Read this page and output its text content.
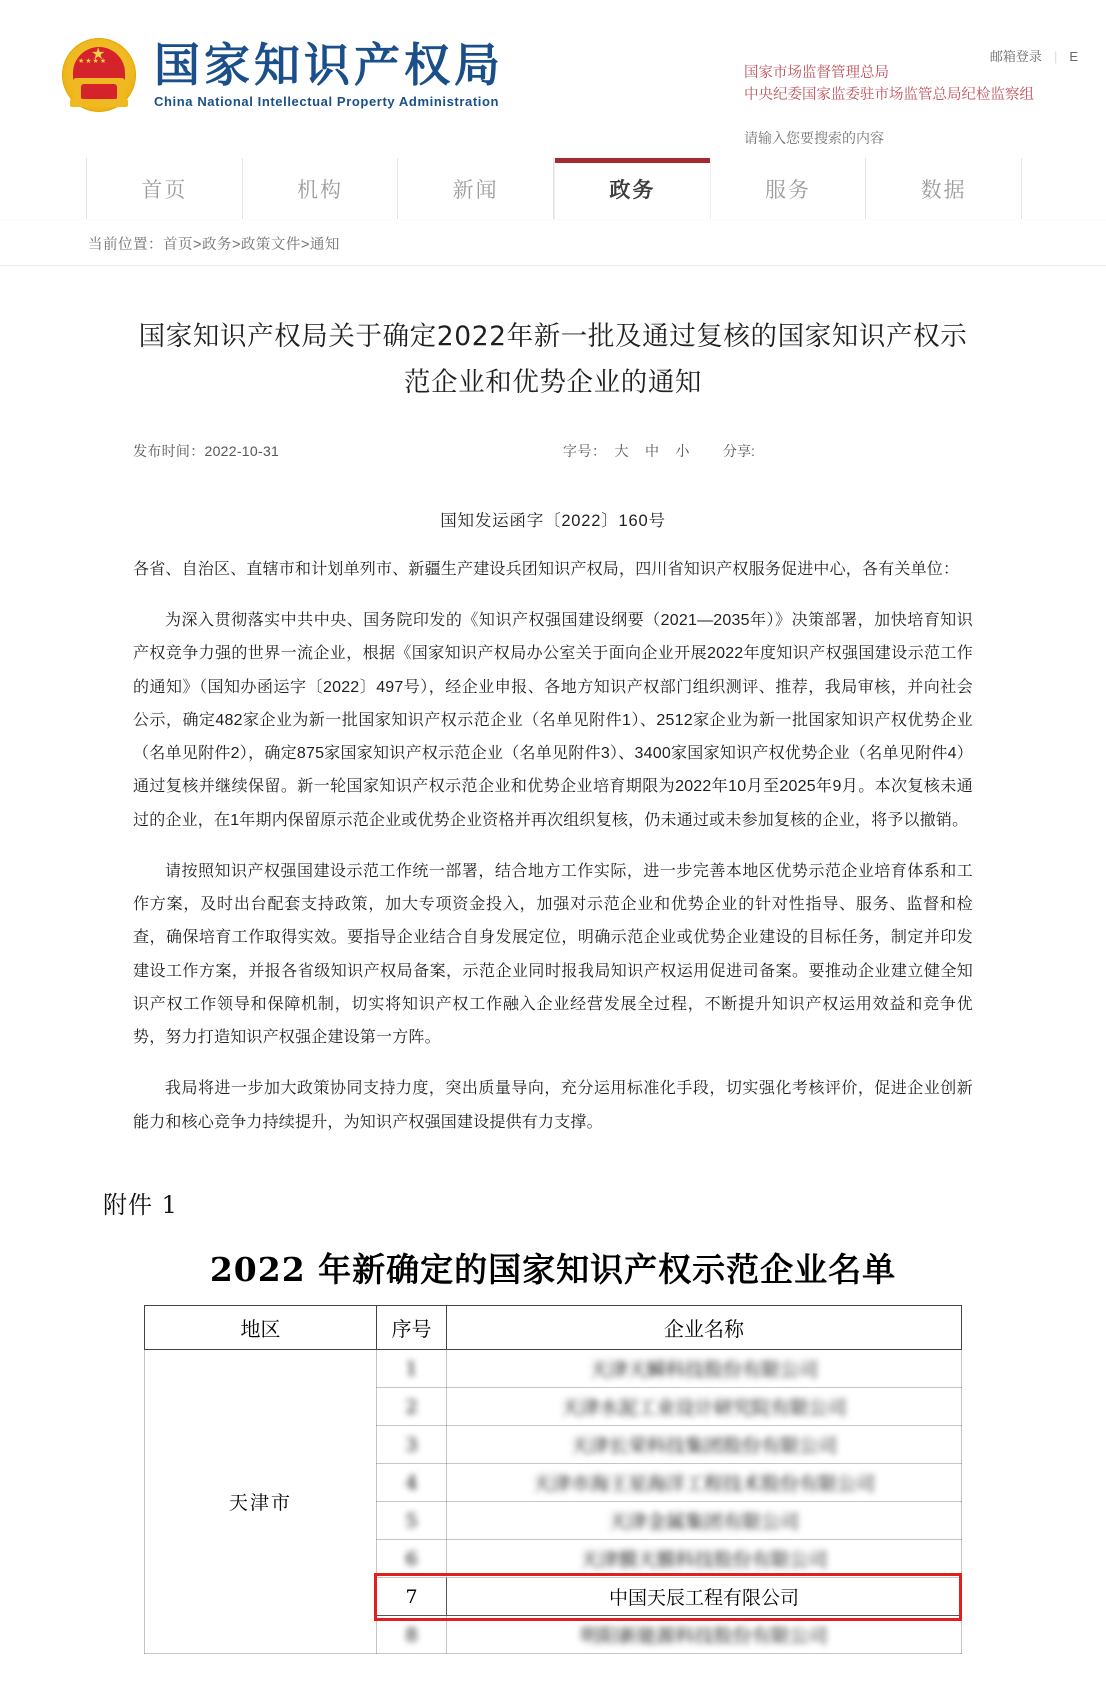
★★★★ 国家知识产权局
China National Intellectual Property Administration
邮箱登录 | E
国家市场监督管理总局
中央纪委国家监委驻市场监管总局纪检监察组
请输入您要搜索的内容
首页	机构	新闻	政务	服务	数据
当前位置：首页>政务>政策文件>通知
国家知识产权局关于确定2022年新一批及通过复核的国家知识产权示范企业和优势企业的通知
发布时间：2022-10-31	字号： 大 中 小	分享:
国知发运函字〔2022〕160号

各省、自治区、直辖市和计划单列市、新疆生产建设兵团知识产权局，四川省知识产权服务促进中心，各有关单位：

为深入贯彻落实中共中央、国务院印发的《知识产权强国建设纲要（2021—2035年）》决策部署，加快培育知识产权竞争力强的世界一流企业，根据《国家知识产权局办公室关于面向企业开展2022年度知识产权强国建设示范工作的通知》（国知办函运字〔2022〕497号），经企业申报、各地方知识产权部门组织测评、推荐，我局审核，并向社会公示，确定482家企业为新一批国家知识产权示范企业（名单见附件1）、2512家企业为新一批国家知识产权优势企业（名单见附件2），确定875家国家知识产权示范企业（名单见附件3）、3400家国家知识产权优势企业（名单见附件4）通过复核并继续保留。新一轮国家知识产权示范企业和优势企业培育期限为2022年10月至2025年9月。本次复核未通过的企业，在1年期内保留原示范企业或优势企业资格并再次组织复核，仍未通过或未参加复核的企业，将予以撤销。

请按照知识产权强国建设示范工作统一部署，结合地方工作实际，进一步完善本地区优势示范企业培育体系和工作方案，及时出台配套支持政策，加大专项资金投入，加强对示范企业和优势企业的针对性指导、服务、监督和检查，确保培育工作取得实效。要指导企业结合自身发展定位，明确示范企业或优势企业建设的目标任务，制定并印发建设工作方案，并报各省级知识产权局备案，示范企业同时报我局知识产权运用促进司备案。要推动企业建立健全知识产权工作领导和保障机制，切实将知识产权工作融入企业经营发展全过程，不断提升知识产权运用效益和竞争优势，努力打造知识产权强企建设第一方阵。

我局将进一步加大政策协同支持力度，突出质量导向，充分运用标准化手段，切实强化考核评价，促进企业创新能力和核心竞争力持续提升，为知识产权强国建设提供有力支撑。

附件 1
2022 年新确定的国家知识产权示范企业名单
地区	序号	企业名称
天津市	1	天津天瞬科技股份有限公司
	2	天津水泥工业设计研究院有限公司
	3	天津长荣科技集团股份有限公司
	4	天津市海王星海洋工程技术股份有限公司
	5	天津金属集团有限公司
	6	天津膜天膜科技股份有限公司
	7	中国天辰工程有限公司
	8	明阳新能源科技股份有限公司
